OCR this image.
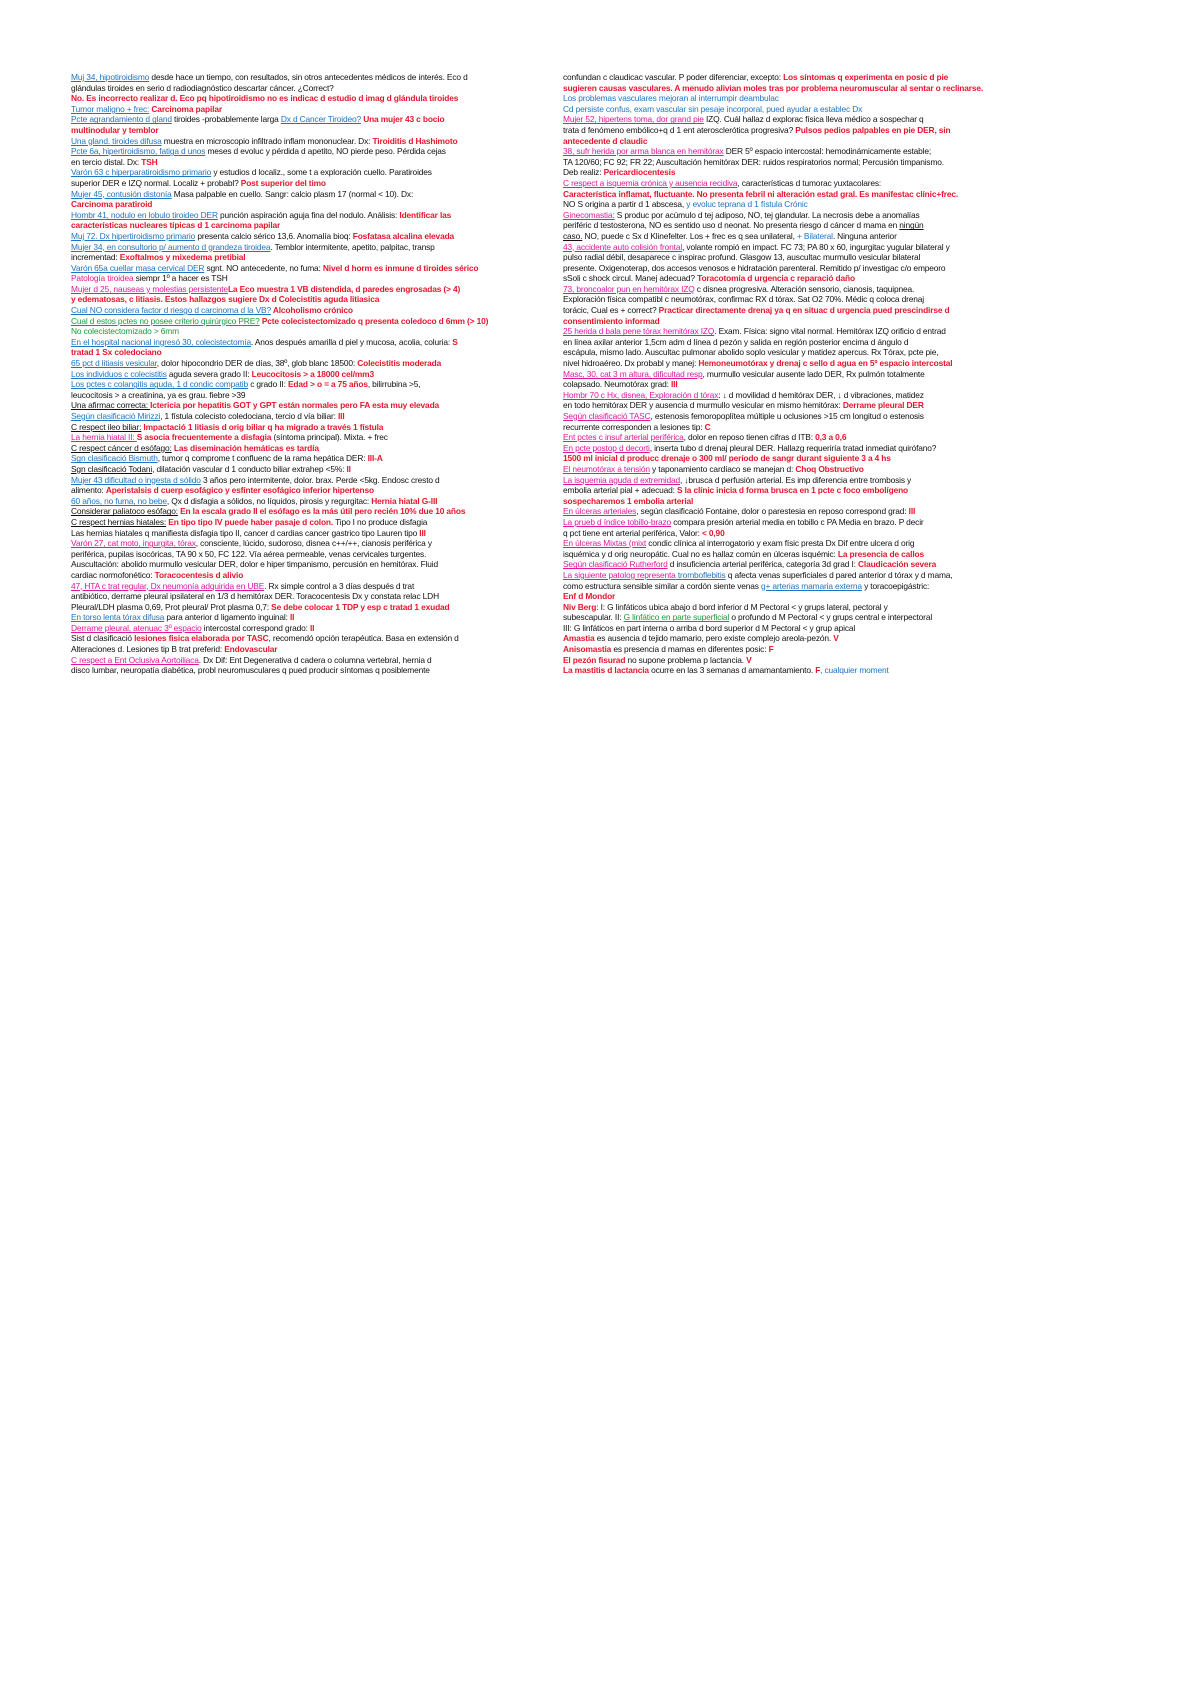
Muj 34, hipotiroidismo desde hace un tiempo, con resultados, sin otros antecedentes médicos de interés. Eco d
glándulas tiroides en serio d radiodiagnóstico descartar cáncer. ¿Correct?
No. Es incorrecto realizar d. Eco pq hipotiroidismo no es indicac d estudio d imag d glándula tiroides
Tumor maligno + frec: Carcinoma papilar
Pcte agrandamiento d gland tiroides -probablemente larga Dx d Cancer Tiroideo? Una mujer 43 c bocio
multinodular y temblor
Una gland. tiroides difusa muestra en microscopio infiltrado inflam mononuclear. Dx: Tiroiditis d Hashimoto
Pcte 6a, hipertiroidismo, fatiga d unos meses d evoluc y pérdida d apetito, NO pierde peso. Pérdida cejas
en tercio distal. Dx: TSH
Varón 63 c hiperparatiroidismo primario y estudios d localiz., some t a exploración cuello. Paratiroides
superior DER e IZQ normal. Localiz + probabl? Post superior del timo
Mujer 45, contusión distonía Masa palpable en cuello. Sangr: calcio plasm 17 (normal < 10). Dx:
Carcinoma paratiroid
Hombr 41, nodulo en lobulo tiroideo DER punción aspiración aguja fina del nodulo. Análisis: Identificar las
características nucleares típicas d 1 carcinoma papilar
Muj 72. Dx hipertiroidismo primario presenta calcio sérico 13,6. Anomalía bioq: Fosfatasa alcalina elevada
Mujer 34, en consultorio p/ aumento d grandeza tiroidea. Temblor intermitente, apetito, palpitac, transp
incrementad: Exoftalmos y mixedema pretibial
Varón 65a cuellar masa cervical DER sgnt. NO antecedente, no fuma: Nivel d horm es inmune d tiroides sérico
Patología tiroidea siempr 1º a hacer es TSH
Mujer d 25, nauseas y molestias persistenteLa Eco muestra 1 VB distendida, d paredes engrosadas (> 4)
y edematosas, c litiasis. Estos hallazgos sugiere Dx d Colecistitis aguda litiasica
Cual NO considera factor d riesgo d carcinoma d la VB? Alcoholismo crónico
Cual d estos pctes no posee criterio quirúrgico PRE? Pcte colecistectomizado q presenta coledoco d 6mm (> 10)
No colecistectomizado > 6mm
En el hospital nacional ingresó 30, colecistectomía. Anos después amarilla d piel y mucosa, acolia, coluria: S
tratad 1 Sx coledociano
65 pct d litiasis vesicular, dolor hipocondrio DER de días, 38º, glob blanc 18500: Colecistitis moderada
Los individuos c colecistitis aguda severa grado II: Leucocitosis > a 18000 cel/mm3
Los pctes c colangitis aguda, 1 d condic compatib c grado II: Edad > o = a 75 años, bilirrubina >5,
leucocitosis > a creatinina, ya es grau. fiebre >39
Una afirmac correcta: Ictericia por hepatitis GOT y GPT están normales pero FA esta muy elevada
Según clasificació Mirizzi, 1 fístula colecisto coledociana, tercio d vía biliar: III
C respect ileo biliar: Impactació 1 litiasis d orig biliar q ha migrado a través 1 fístula
La hernia hiatal II: S asocia frecuentemente a disfagia (síntoma principal). Mixta. + frec
C respect cáncer d esófago: Las diseminación hemáticas es tardía
Sgn clasificació Bismuth, tumor q comprome t confluenc de la rama hepática DER: III-A
Sgn clasificació Todani, dilatación vascular d 1 conducto biliar extrahep <5%: II
Mujer 43 dificultad o ingesta d sólido 3 años pero intermitente, dolor. brax. Perde <5kg. Endosc cresto d
alimento: Aperistalsis d cuerp esofágico y esfínter esofágico inferior hipertenso
60 años, no fuma, no bebe, Qx d disfagia a sólidos, no líquidos, pirosis y regurgitac: Hernia hiatal G-III
Considerar paliatoco esófago: En la escala grado II el esófago es la más útil pero recién 10% due 10 años
C respect hernias hiatales: En tipo tipo IV puede haber pasaje d colon. Tipo I no produce disfagia
Las hernias hiatales q manifiesta disfagia tipo II, cancer d cardias cancer gastrico tipo Lauren tipo III
Varón 27, cat moto, ingurgita, tórax, consciente, lúcido, sudoroso, disnea c++/++, cianosis periférica y
periférica, pupilas isocóricas, TA 90 x 50, FC 122. Vía aérea permeable, venas cervicales turgentes.
Auscultación: abolido murmullo vesicular DER, dolor e hiper timpanismo, percusión en hemitórax. Fluid
cardiac normofonético: Toracocentesis d alivio
47, HTA c trat regular, Dx neumonía adquirida en UBE. Rx simple control a 3 días después d trat
antibiótico, derrame pleural ipsilateral en 1/3 d hemitórax DER. Toracocentesis Dx y constata relac LDH
Pleural/LDH plasma 0,69, Prot pleural/ Prot plasma 0,7: Se debe colocar 1 TDP y esp c tratad 1 exudad
En torso lenta tórax difusa para anterior d ligamento inguinal: II
Derrame pleural, atenuac 3º espacio intercostal correspond grado: II
Sist d clasificació lesiones fisica elaborada por TASC, recomendó opción terapéutica. Basa en extensión d
Alteraciones d. Lesiones tip B trat preferid: Endovascular
C respect a Ent Oclusiva Aortoiliaca. Dx Dif: Ent Degenerativa d cadera o columna vertebral, hernia d
disco lumbar, neuropatía diabética, probl neuromusculares q pued producir síntomas q posiblemente
confundan c claudicac vascular. P poder diferenciar, excepto: Los síntomas q experimenta en posic d pie
sugieren causas vasculares. A menudo alivian moles tras por problema neuromuscular al sentar o reclinarse.
Los problemas vasculares mejoran al interrumpir deambulac
Cd persiste confus, exam vascular sin pesaje incorporal, pued ayudar a establec Dx
Mujer 52, hipertens toma, dor grand pie IZQ. Cuál hallaz d explorac física lleva médico a sospechar q
trata d fenómeno embólico+q d 1 ent aterosclerótica progresiva? Pulsos pedios palpables en pie DER, sin
antecedente d claudic
38, sufr herida por arma blanca en hemitórax DER 5º espacio intercostal: hemodinámicamente estable;
TA 120/60; FC 92; FR 22; Auscultación hemitórax DER: ruidos respiratorios normal; Percusión timpanismo.
Deb realiz: Pericardiocentesis
C respect a isquemia crónica y ausencia recidiva, características d tumorac yuxtacolares:
Característica inflamat, fluctuante. No presenta febril ni alteración estad gral. Es manifestac clínic+frec.
NO S origina a partir d 1 abscesa, y evoluc teprana d 1 fístula Crónic
Ginecomastia: S produc por acúmulo d tej adiposo, NO, tej glandular. La necrosis debe a anomalías
periféric d testosterona, NO es sentido uso d neonat. No presenta riesgo d cáncer d mama en ningún
caso. NO, puede c Sx d Klinefelter. Los + frec es q sea unilateral, + Bilateral. Ninguna anterior
43, accidente auto colisión frontal, volante rompió en impact. FC 73; PA 80 x 60, ingurgitac yugular bilateral y
pulso radial débil, desaparece c inspirac profund. Glasgow 13, auscultac murmullo vesicular bilateral
presente. Oxigenoterap, dos accesos venosos e hidratación parenteral. Remitido p/ investigac c/o empeoro
sSoli c shock circul. Manej adecuad? Toracotomía d urgencia c reparació daño
73, broncoalor pun en hemitórax IZQ c disnea progresiva. Alteración sensorio, cianosis, taquipnea.
Exploración física compatibl c neumotórax, confirmac RX d tórax. Sat O2 70%. Médic q coloca drenaj
torácic, Cual es + correct? Practicar directamente drenaj ya q en situac d urgencia pued prescindirse d
consentimiento informad
25 herida d bala pene tórax hemitórax IZQ. Exam. Física: signo vital normal. Hemitórax IZQ orificio d entrad
en línea axilar anterior 1,5cm adm d línea d pezón y salida en región posterior encima d ángulo d
escápula, mismo lado. Auscultac pulmonar abolido soplo vesicular y matidez apercus. Rx Tórax, pcte pie,
nivel hidroaéreo. Dx probabl y manej: Hemoneumotórax y drenaj c sello d agua en 5º espacio intercostal
Masc, 30, cat 3 m altura, dificultad resp, murmullo vesicular ausente lado DER, Rx pulmón totalmente
colapsado. Neumotórax grad: III
Hombr 70 c Hx, disnea, Exploración d tórax: ↓ d movilidad d hemitórax DER, ↓ d vibraciones, matidez
en todo hemitórax DER y ausencia d murmullo vesicular en mismo hemitórax: Derrame pleural DER
Según clasificació TASC, estenosis femoropoplítea múltiple u oclusiones >15 cm longitud o estenosis
recurrente corresponden a lesiones tip: C
Ent pctes c insuf arterial periférica, dolor en reposo tienen cifras d ITB: 0,3 a 0,6
En pcte postop d decorti, inserta tubo d drenaj pleural DER. Hallazg requeriría tratad inmediat quirófano?
1500 ml inicial d producc drenaje o 300 ml/ período de sangr durant siguiente 3 a 4 hs
El neumotórax a tensión y taponamiento cardíaco se manejan d: Choq Obstructivo
La isquemia aguda d extremidad, ↓brusca d perfusión arterial. Es imp diferencia entre trombosis y
embolia arterial pial + adecuad: S la clínic inicia d forma brusca en 1 pcte c foco embolígeno
sospecharemos 1 embolia arterial
En úlceras arteriales, según clasificació Fontaine, dolor o parestesia en reposo correspond grad: III
La prueb d índice tobillo-brazo compara presión arterial media en tobillo c PA Media en brazo. P decir
q pct tiene ent arterial periférica, Valor: < 0,90
En úlceras Mixtas (mixt condic clínica al interrogatorio y exam físic presta Dx Dif entre ulcera d orig
isquémica y d orig neuropátic. Cual no es hallaz común en úlceras isquémic: La presencia de callos
Según clasificació Rutherford d insuficiencia arterial periférica, categoría 3d grad I: Claudicación severa
La siguiente patolog representa tromboflebitis q afecta venas superficiales d pared anterior d tórax y d mama,
como estructura sensible similar a cordón siente venas g+ arterias mamaria externa y toracoepigástric:
Enf d Mondor
Niv Berg: I: G linfáticos ubica abajo d bord inferior d M Pectoral < y grups lateral, pectoral y
subescapular. II: G linfático en parte superficial o profundo d M Pectoral < y grups central e interpectoral
III: G linfáticos en part interna o arriba d bord superior d M Pectoral < y grup apical
Amastia es ausencia d tejido mamario, pero existe complejo areola-pezón. V
Anisomastia es presencia d mamas en diferentes posic: F
El pezón fisurad no supone problema p lactancia. V
La mastitis d lactancia ocurre en las 3 semanas d amamantamiento. F, cualquier moment
